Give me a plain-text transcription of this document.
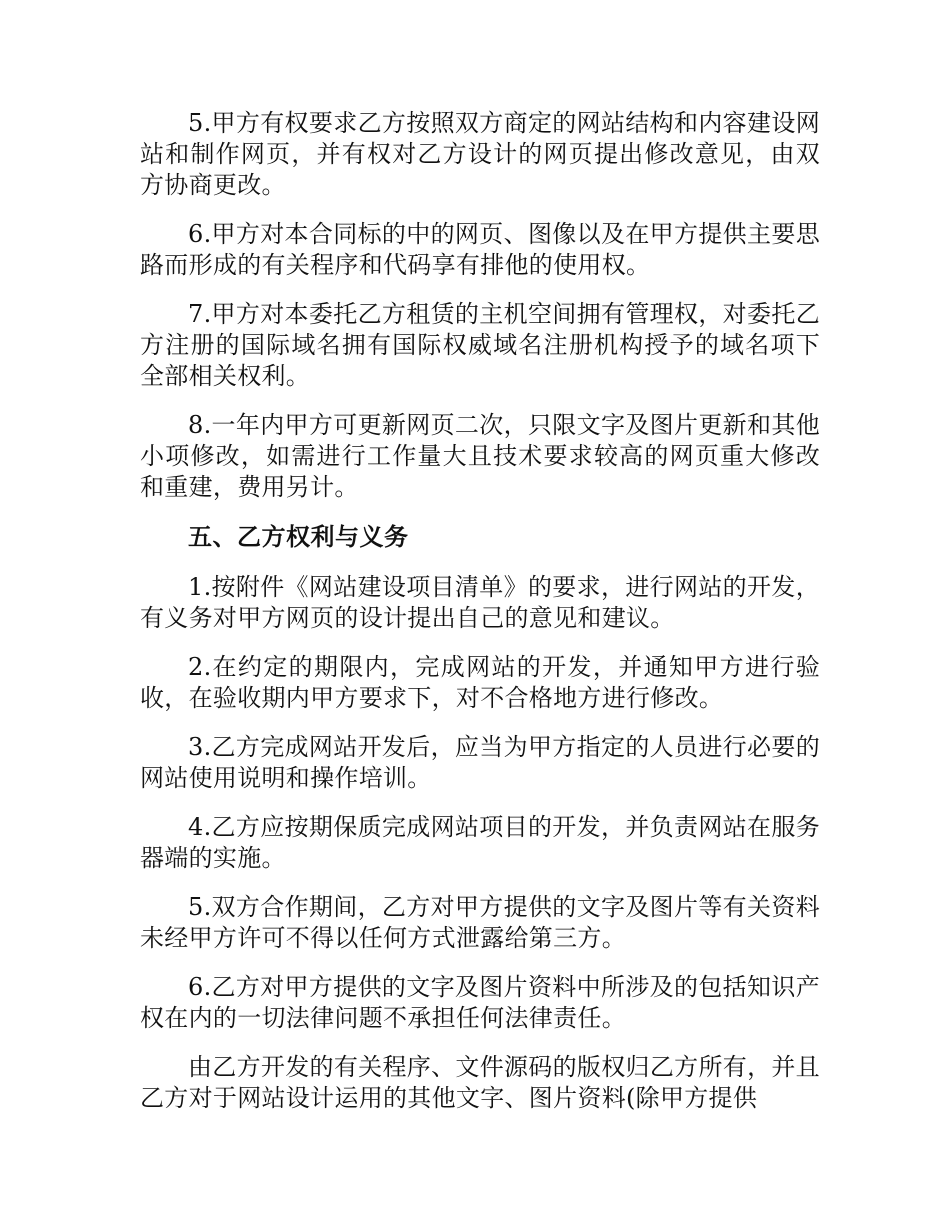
5.甲方有权要求乙方按照双方商定的网站结构和内容建设网站和制作网页，并有权对乙方设计的网页提出修改意见，由双方协商更改。

6.甲方对本合同标的中的网页、图像以及在甲方提供主要思路而形成的有关程序和代码享有排他的使用权。

7.甲方对本委托乙方租赁的主机空间拥有管理权，对委托乙方注册的国际域名拥有国际权威域名注册机构授予的域名项下全部相关权利。

8.一年内甲方可更新网页二次，只限文字及图片更新和其他小项修改，如需进行工作量大且技术要求较高的网页重大修改和重建，费用另计。

五、乙方权利与义务

1.按附件《网站建设项目清单》的要求，进行网站的开发，有义务对甲方网页的设计提出自己的意见和建议。

2.在约定的期限内，完成网站的开发，并通知甲方进行验收，在验收期内甲方要求下，对不合格地方进行修改。

3.乙方完成网站开发后，应当为甲方指定的人员进行必要的网站使用说明和操作培训。

4.乙方应按期保质完成网站项目的开发，并负责网站在服务器端的实施。

5.双方合作期间，乙方对甲方提供的文字及图片等有关资料未经甲方许可不得以任何方式泄露给第三方。

6.乙方对甲方提供的文字及图片资料中所涉及的包括知识产权在内的一切法律问题不承担任何法律责任。

由乙方开发的有关程序、文件源码的版权归乙方所有，并且乙方对于网站设计运用的其他文字、图片资料(除甲方提供
